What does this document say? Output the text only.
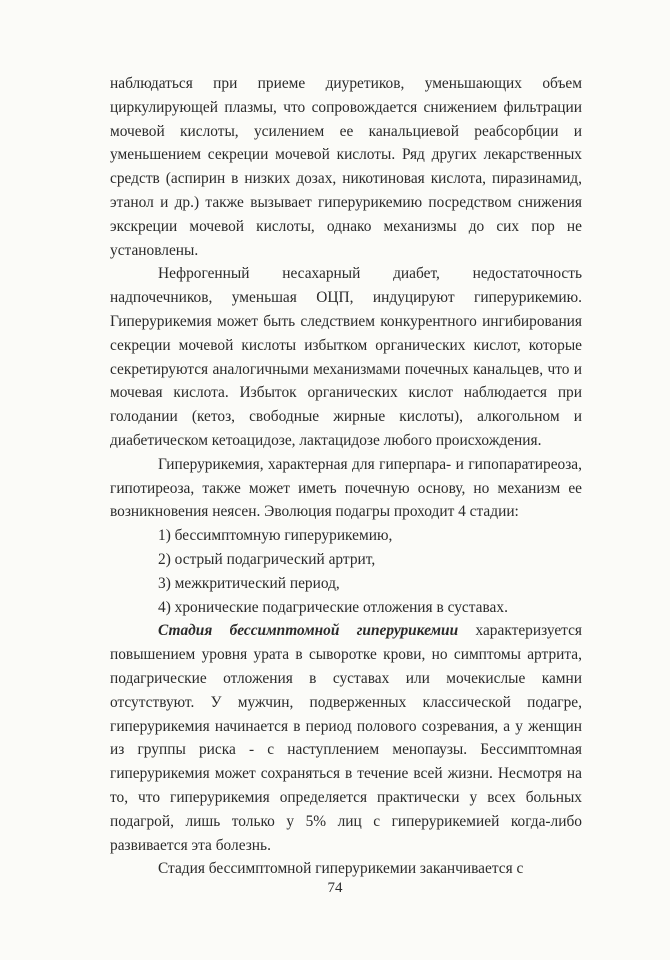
наблюдаться при приеме диуретиков, уменьшающих объем циркулирующей плазмы, что сопровождается снижением фильтрации мочевой кислоты, усилением ее канальциевой реабсорбции и уменьшением секреции мочевой кислоты. Ряд других лекарственных средств (аспирин в низких дозах, никотиновая кислота, пиразинамид, этанол и др.) также вызывает гиперурикемию посредством снижения экскреции мочевой кислоты, однако механизмы до сих пор не установлены.

Нефрогенный несахарный диабет, недостаточность надпочечников, уменьшая ОЦП, индуцируют гиперурикемию. Гиперурикемия может быть следствием конкурентного ингибирования секреции мочевой кислоты избытком органических кислот, которые секретируются аналогичными механизмами почечных канальцев, что и мочевая кислота. Избыток органических кислот наблюдается при голодании (кетоз, свободные жирные кислоты), алкогольном и диабетическом кетоацидозе, лактацидозе любого происхождения.

Гиперурикемия, характерная для гиперпара- и гипопаратиреоза, гипотиреоза, также может иметь почечную основу, но механизм ее возникновения неясен. Эволюция подагры проходит 4 стадии:

1) бессимптомную гиперурикемию,

2) острый подагрический артрит,

3) межкритический период,

4) хронические подагрические отложения в суставах.

Стадия бессимптомной гиперурикемии характеризуется повышением уровня урата в сыворотке крови, но симптомы артрита, подагрические отложения в суставах или мочекислые камни отсутствуют. У мужчин, подверженных классической подагре, гиперурикемия начинается в период полового созревания, а у женщин из группы риска - с наступлением менопаузы. Бессимптомная гиперурикемия может сохраняться в течение всей жизни. Несмотря на то, что гиперурикемия определяется практически у всех больных подагрой, лишь только у 5% лиц с гиперурикемией когда-либо развивается эта болезнь.

Стадия бессимптомной гиперурикемии заканчивается с

74
